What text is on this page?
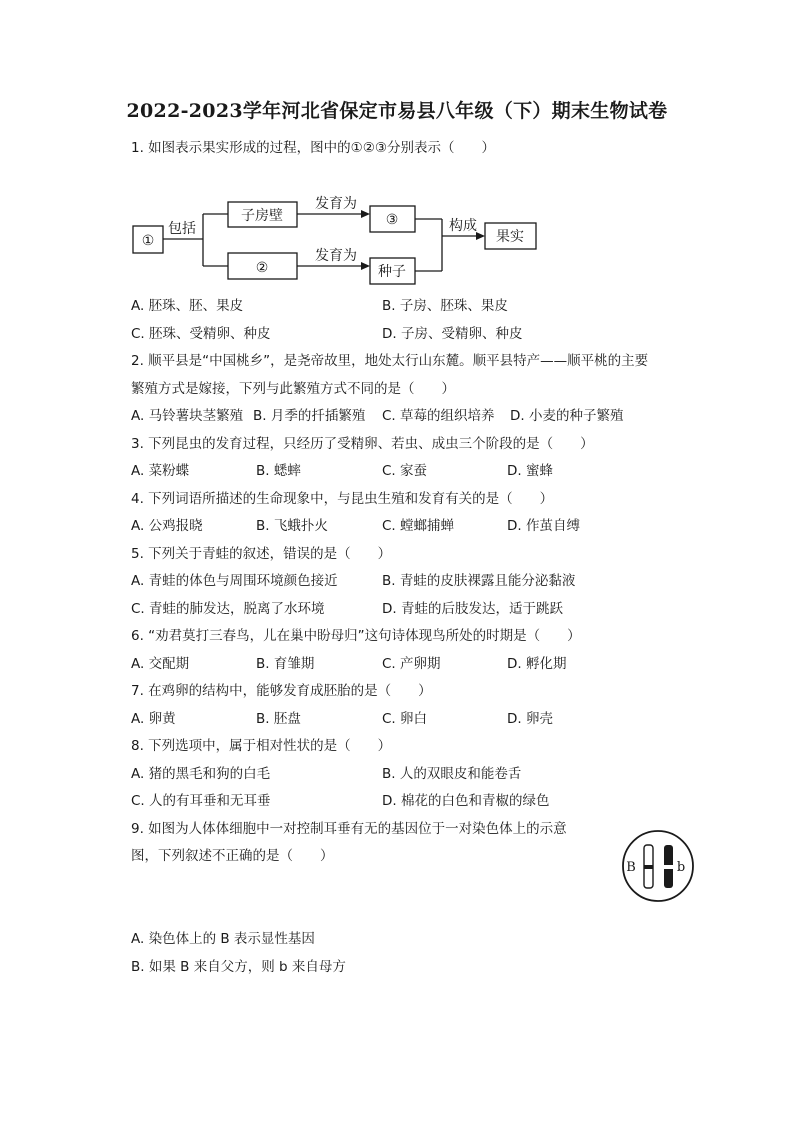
2022-2023学年河北省保定市易县八年级（下）期末生物试卷
1. 如图表示果实形成的过程，图中的①②③分别表示（　　）
①
包括
子房壁
②
发育为
发育为
③
种子
构成
果实
A. 胚珠、胚、果皮	B. 子房、胚珠、果皮
C. 胚珠、受精卵、种皮	D. 子房、受精卵、种皮
2. 顺平县是“中国桃乡”，是尧帝故里，地处太行山东麓。顺平县特产——顺平桃的主要
繁殖方式是嫁接，下列与此繁殖方式不同的是（　　）
A. 马铃薯块茎繁殖 B. 月季的扦插繁殖 C. 草莓的组织培养 D. 小麦的种子繁殖
3. 下列昆虫的发育过程，只经历了受精卵、若虫、成虫三个阶段的是（　　）
A. 菜粉蝶	B. 蟋蟀	C. 家蚕	D. 蜜蜂
4. 下列词语所描述的生命现象中，与昆虫生殖和发育有关的是（　　）
A. 公鸡报晓	B. 飞蛾扑火	C. 螳螂捕蝉	D. 作茧自缚
5. 下列关于青蛙的叙述，错误的是（　　）
A. 青蛙的体色与周围环境颜色接近	B. 青蛙的皮肤裸露且能分泌黏液
C. 青蛙的肺发达，脱离了水环境	D. 青蛙的后肢发达，适于跳跃
6. “劝君莫打三春鸟，儿在巢中盼母归”这句诗体现鸟所处的时期是（　　）
A. 交配期	B. 育雏期	C. 产卵期	D. 孵化期
7. 在鸡卵的结构中，能够发育成胚胎的是（　　）
A. 卵黄	B. 胚盘	C. 卵白	D. 卵壳
8. 下列选项中，属于相对性状的是（　　）
A. 猪的黑毛和狗的白毛	B. 人的双眼皮和能卷舌
C. 人的有耳垂和无耳垂	D. 棉花的白色和青椒的绿色
9. 如图为人体体细胞中一对控制耳垂有无的基因位于一对染色体上的示意
图，下列叙述不正确的是（　　）
B	b
A. 染色体上的 B 表示显性基因
B. 如果 B 来自父方，则 b 来自母方
